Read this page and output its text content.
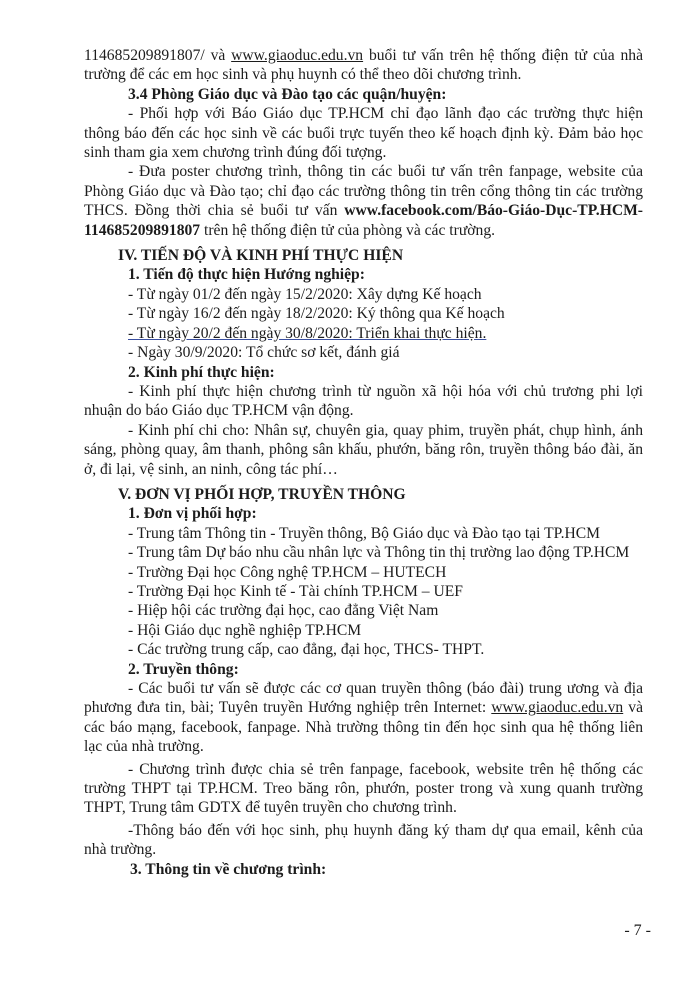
114685209891807/ và www.giaoduc.edu.vn buổi tư vấn trên hệ thống điện tử của nhà trường để các em học sinh và phụ huynh có thể theo dõi chương trình.

3.4 Phòng Giáo dục và Đào tạo các quận/huyện:

- Phối hợp với Báo Giáo dục TP.HCM chỉ đạo lãnh đạo các trường thực hiện thông báo đến các học sinh về các buổi trực tuyến theo kế hoạch định kỳ. Đảm bảo học sinh tham gia xem chương trình đúng đối tượng.

- Đưa poster chương trình, thông tin các buổi tư vấn trên fanpage, website của Phòng Giáo dục và Đào tạo; chỉ đạo các trường thông tin trên cổng thông tin các trường THCS. Đồng thời chia sẻ buổi tư vấn www.facebook.com/Báo-Giáo-Dục-TP.HCM-114685209891807 trên hệ thống điện tử của phòng và các trường.

IV. TIẾN ĐỘ VÀ KINH PHÍ THỰC HIỆN

1. Tiến độ thực hiện Hướng nghiệp:

- Từ ngày 01/2 đến ngày 15/2/2020: Xây dựng Kế hoạch

- Từ ngày 16/2 đến ngày 18/2/2020: Ký thông qua Kế hoạch

- Từ ngày 20/2 đến ngày 30/8/2020: Triển khai thực hiện.

- Ngày 30/9/2020: Tổ chức sơ kết, đánh giá

2. Kinh phí thực hiện:

- Kinh phí thực hiện chương trình từ nguồn xã hội hóa với chủ trương phi lợi nhuận do báo Giáo dục TP.HCM vận động.

- Kinh phí chi cho: Nhân sự, chuyên gia, quay phim, truyền phát, chụp hình, ánh sáng, phòng quay, âm thanh, phông sân khấu, phướn, băng rôn, truyền thông báo đài, ăn ở, đi lại, vệ sinh, an ninh, công tác phí…

V. ĐƠN VỊ PHỐI HỢP, TRUYỀN THÔNG

1. Đơn vị phối hợp:

- Trung tâm Thông tin - Truyền thông, Bộ Giáo dục và Đào tạo tại TP.HCM

- Trung tâm Dự báo nhu cầu nhân lực và Thông tin thị trường lao động TP.HCM

- Trường Đại học Công nghệ TP.HCM – HUTECH

- Trường Đại học Kinh tế - Tài chính TP.HCM – UEF

- Hiệp hội các trường đại học, cao đẳng Việt Nam

- Hội Giáo dục nghề nghiệp TP.HCM

- Các trường trung cấp, cao đẳng, đại học, THCS- THPT.

2. Truyền thông:

- Các buổi tư vấn sẽ được các cơ quan truyền thông (báo đài) trung ương và địa phương đưa tin, bài; Tuyên truyền Hướng nghiệp trên Internet: www.giaoduc.edu.vn và các báo mạng, facebook, fanpage. Nhà trường thông tin đến học sinh qua hệ thống liên lạc của nhà trường.

- Chương trình được chia sẻ trên fanpage, facebook, website trên hệ thống các trường THPT tại TP.HCM. Treo băng rôn, phướn, poster trong và xung quanh trường THPT, Trung tâm GDTX để tuyên truyền cho chương trình.

-Thông báo đến với học sinh, phụ huynh đăng ký tham dự qua email, kênh của nhà trường.

3. Thông tin về chương trình:

- 7 -
